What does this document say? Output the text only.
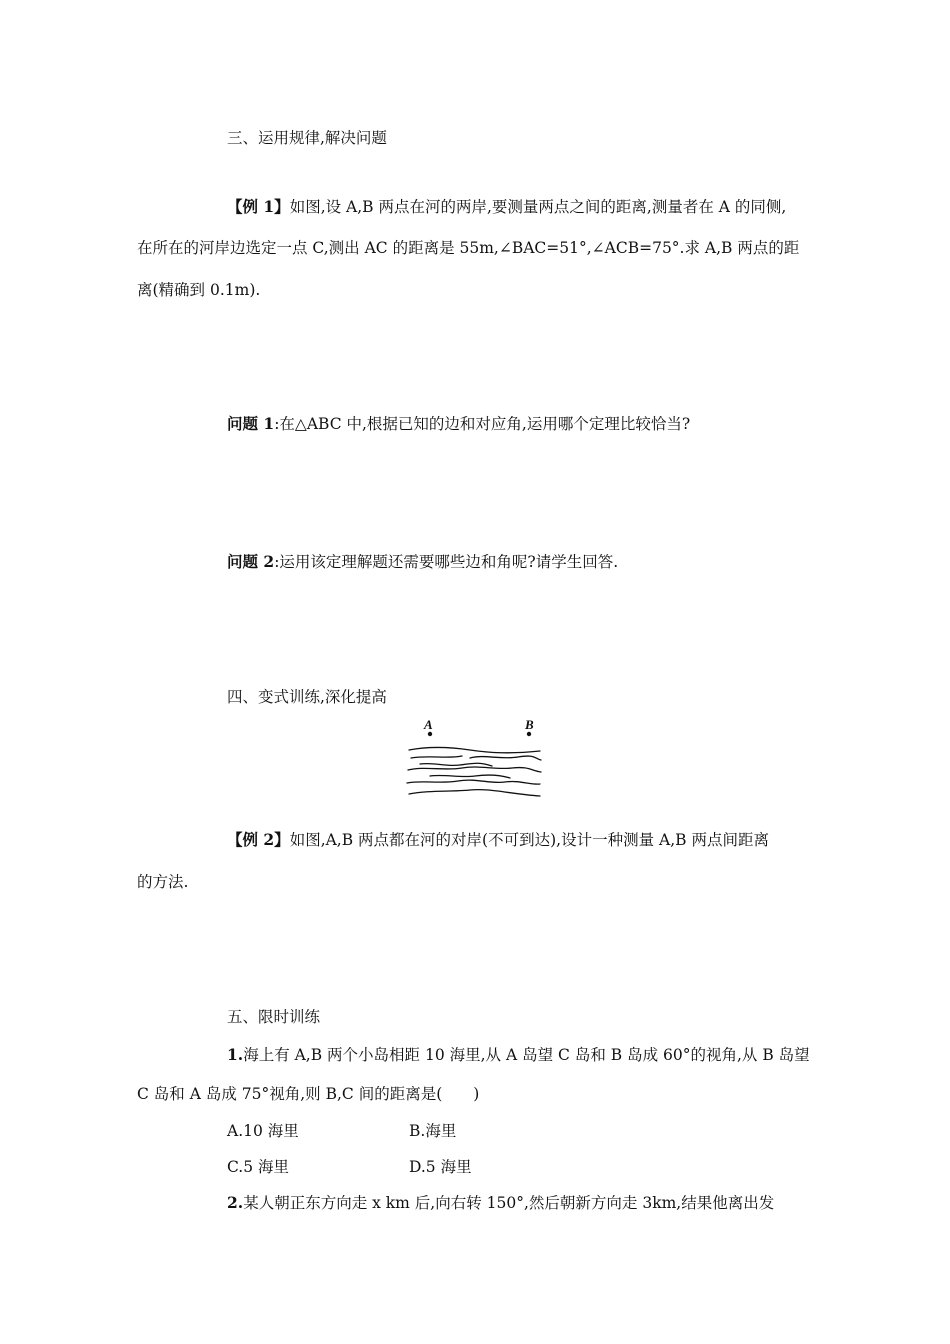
三、运用规律,解决问题
【例 1】如图,设 A,B 两点在河的两岸,要测量两点之间的距离,测量者在 A 的同侧,
在所在的河岸边选定一点 C,测出 AC 的距离是 55m,∠BAC=51°,∠ACB=75°.求 A,B 两点的距
离(精确到 0.1m).
问题 1:在△ABC 中,根据已知的边和对应角,运用哪个定理比较恰当?
问题 2:运用该定理解题还需要哪些边和角呢?请学生回答.
四、变式训练,深化提高
A	B
【例 2】如图,A,B 两点都在河的对岸(不可到达),设计一种测量 A,B 两点间距离
的方法.
五、限时训练
1.海上有 A,B 两个小岛相距 10 海里,从 A 岛望 C 岛和 B 岛成 60°的视角,从 B 岛望
C 岛和 A 岛成 75°视角,则 B,C 间的距离是(　　)
A.10 海里	B.海里
C.5 海里	D.5 海里
2.某人朝正东方向走 x km 后,向右转 150°,然后朝新方向走 3km,结果他离出发
